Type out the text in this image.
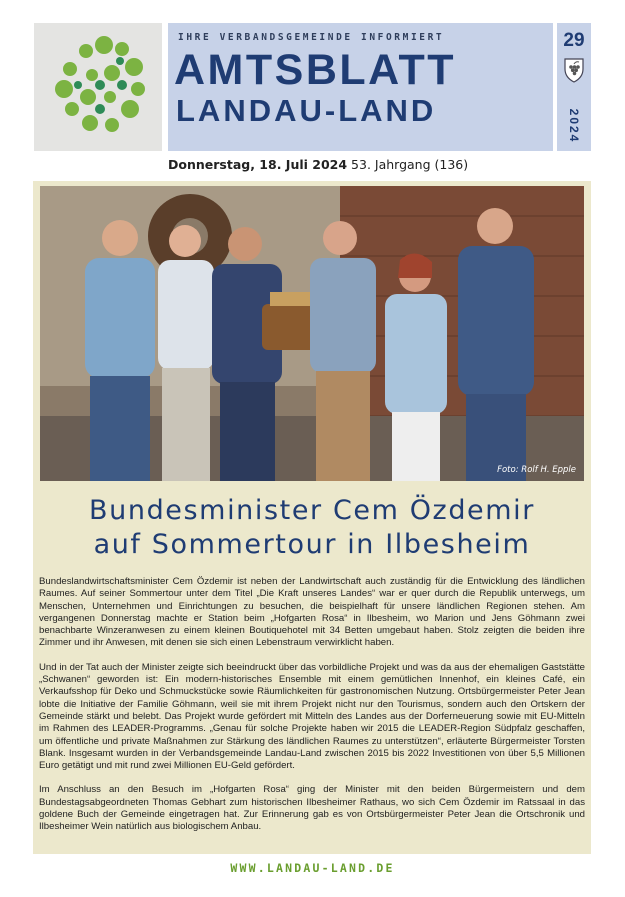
IHRE VERBANDSGEMEINDE INFORMIERT
AMTSBLATT
LANDAU-LAND
29
2024
Donnerstag, 18. Juli 2024 53. Jahrgang (136)
Foto: Rolf H. Epple
Bundesminister Cem Özdemir
auf Sommertour in Ilbesheim

Bundeslandwirtschaftsminister Cem Özdemir ist neben der Landwirtschaft auch zuständig für die Entwicklung des ländlichen Raumes. Auf seiner Sommertour unter dem Titel „Die Kraft unseres Landes“ war er quer durch die Republik unterwegs, um Menschen, Unternehmen und Einrichtungen zu besuchen, die beispielhaft für unsere ländlichen Regionen stehen. Am vergangenen Donnerstag machte er Station beim „Hofgarten Rosa“ in Ilbesheim, wo Marion und Jens Göhmann zwei benachbarte Winzeranwesen zu einem kleinen Boutiquehotel mit 34 Betten umgebaut haben. Stolz zeigten die beiden ihre Zimmer und ihr Anwesen, mit denen sie sich einen Lebenstraum verwirklicht haben.

Und in der Tat auch der Minister zeigte sich beeindruckt über das vorbildliche Projekt und was da aus der ehemaligen Gaststätte „Schwanen“ geworden ist: Ein modern-historisches Ensemble mit einem gemütlichen Innenhof, ein kleines Café, ein Verkaufsshop für Deko und Schmuckstücke sowie Räumlichkeiten für gastronomischen Nutzung. Ortsbürgermeister Peter Jean lobte die Initiative der Familie Göhmann, weil sie mit ihrem Projekt nicht nur den Tourismus, sondern auch den Ortskern der Gemeinde stärkt und belebt. Das Projekt wurde gefördert mit Mitteln des Landes aus der Dorferneuerung sowie mit EU-Mitteln im Rahmen des LEADER-Programms. „Genau für solche Projekte haben wir 2015 die LEADER-Region Südpfalz geschaffen, um öffentliche und private Maßnahmen zur Stärkung des ländlichen Raumes zu unterstützen“, erläuterte Bürgermeister Torsten Blank. Insgesamt wurden in der Verbandsgemeinde Landau-Land zwischen 2015 bis 2022 Investitionen von über 5,5 Millionen Euro getätigt und mit rund zwei Millionen EU-Geld gefördert.

Im Anschluss an den Besuch im „Hofgarten Rosa“ ging der Minister mit den beiden Bürgermeistern und dem Bundestagsabgeordneten Thomas Gebhart zum historischen Ilbesheimer Rathaus, wo sich Cem Özdemir im Ratssaal in das goldene Buch der Gemeinde eingetragen hat. Zur Erinnerung gab es von Ortsbürgermeister Peter Jean die Ortschronik und Ilbesheimer Wein natürlich aus biologischem Anbau.

WWW.LANDAU-LAND.DE
